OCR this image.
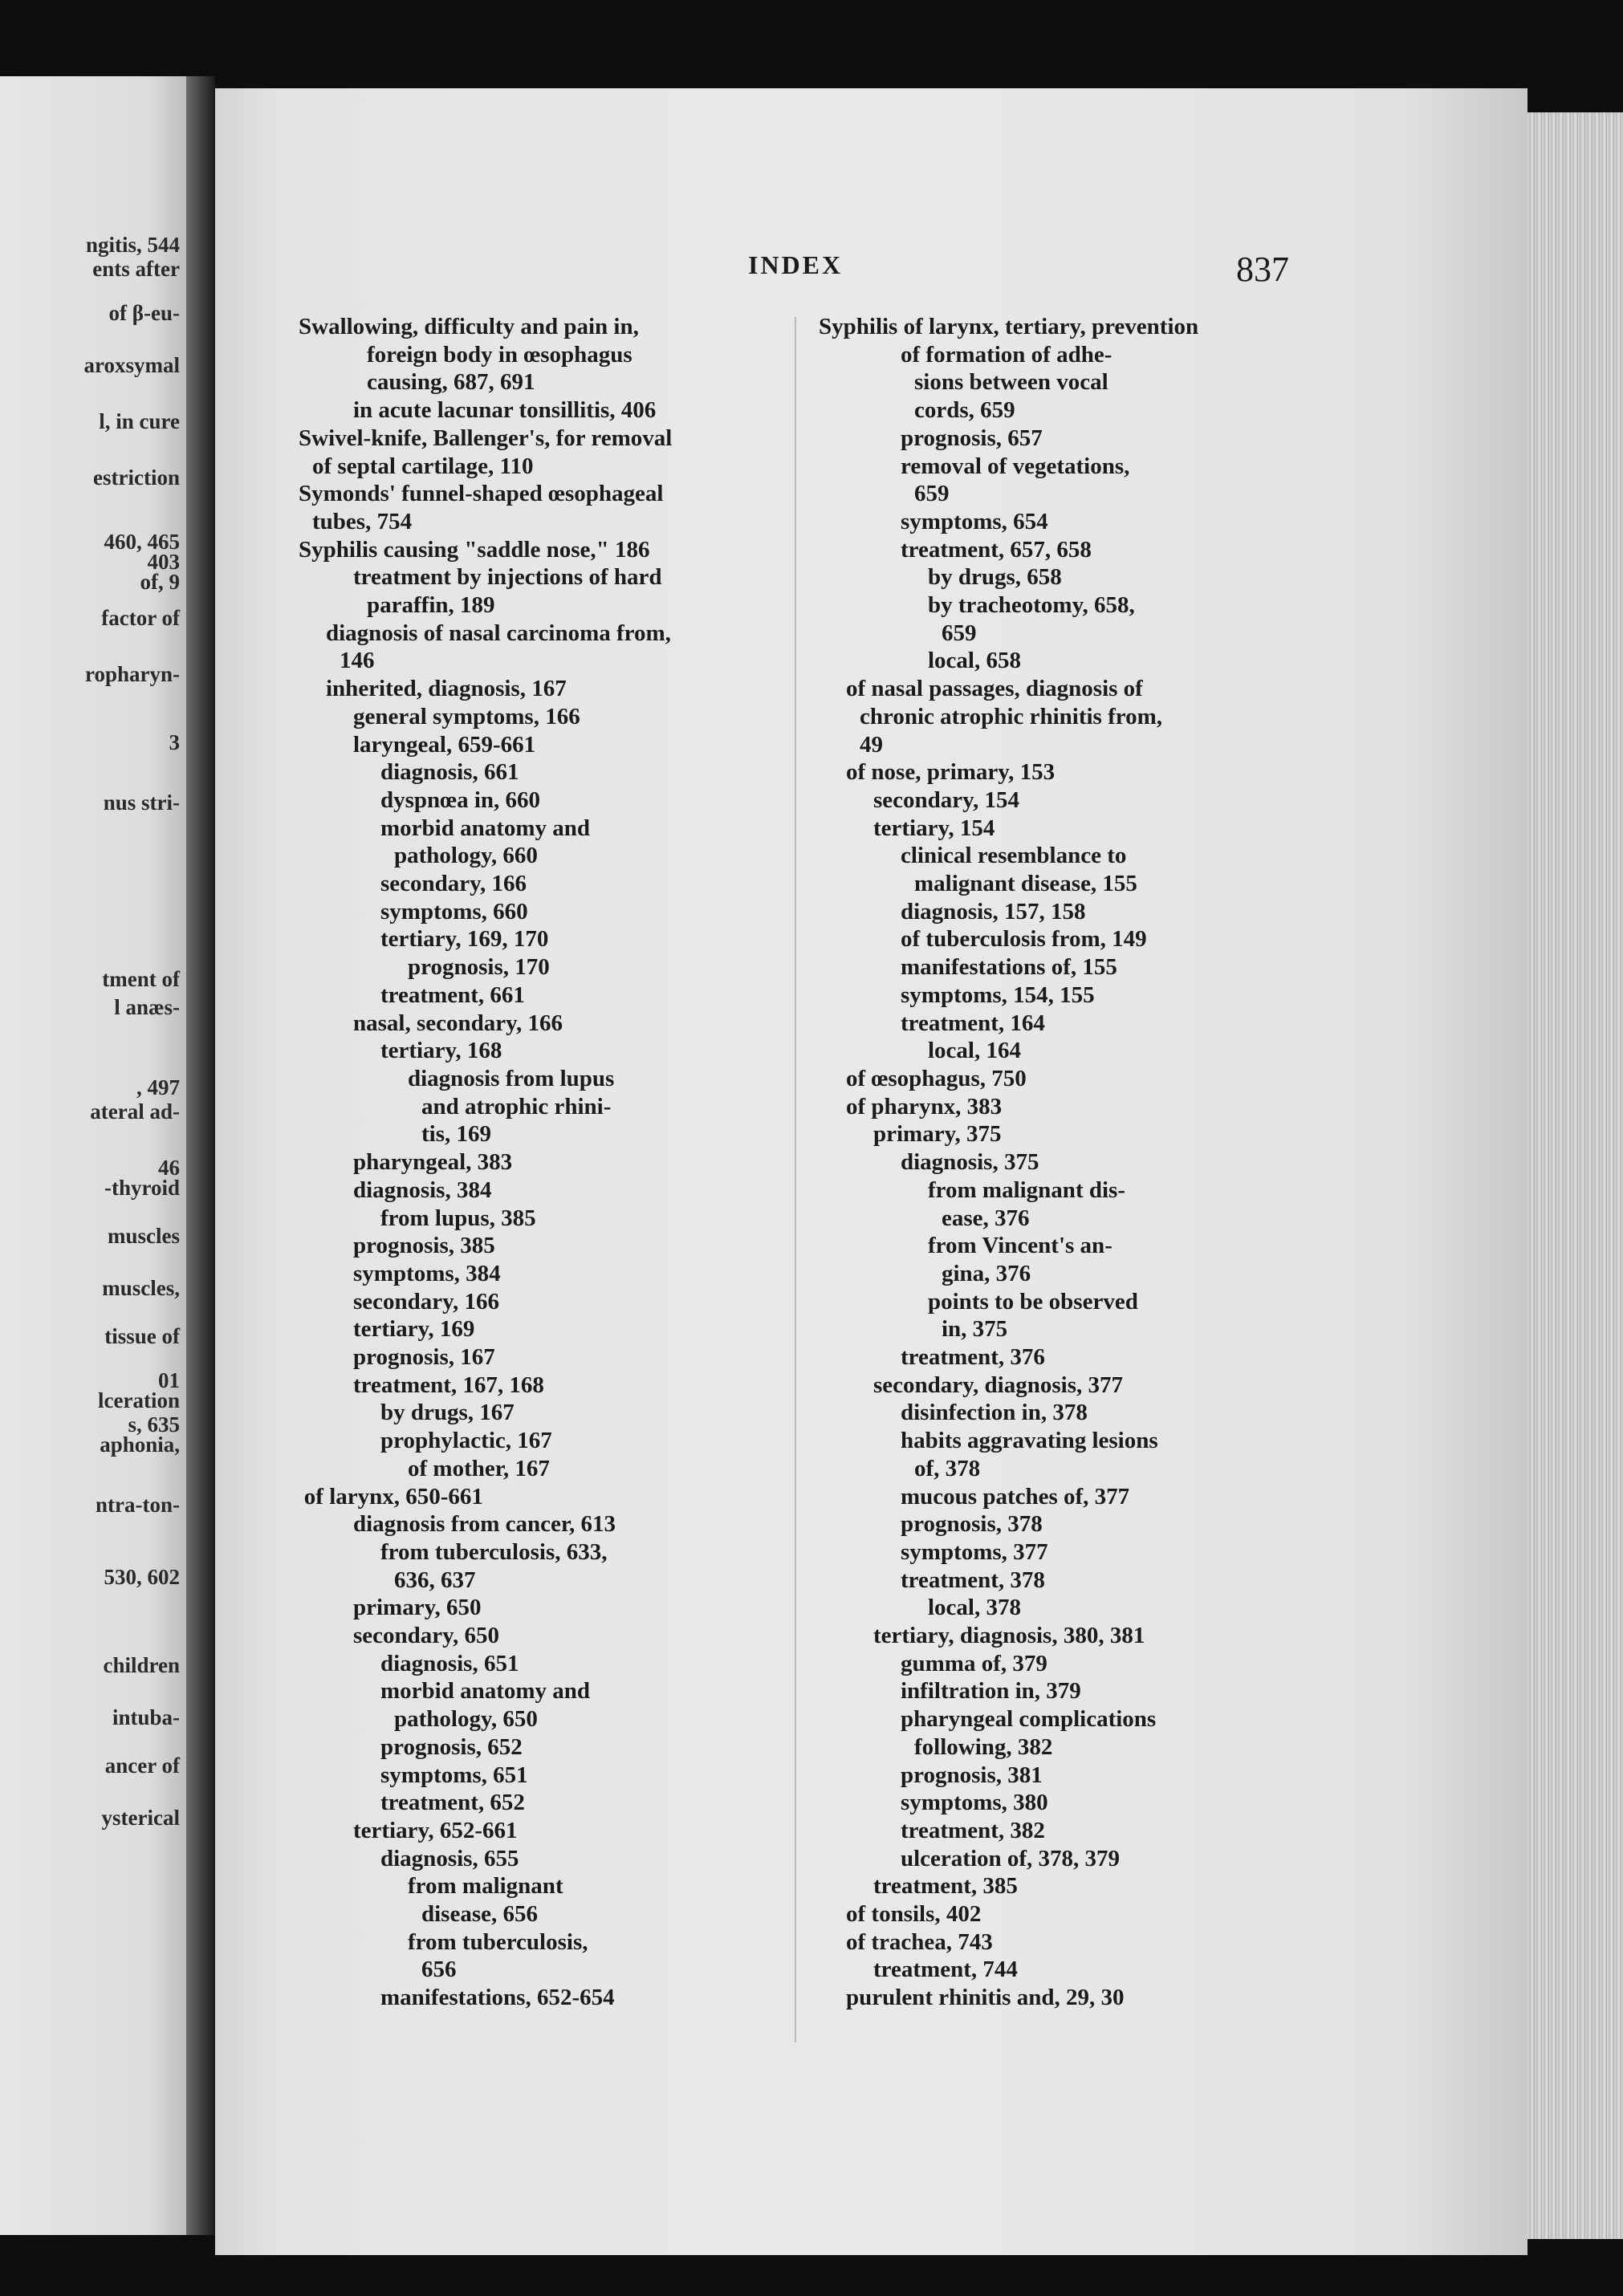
ngitis, 544
ents after
of β-eu-
aroxsymal
l, in cure
estriction
460, 465
403
of, 9
factor of
ropharyn-
3
nus stri-
tment of
l anæs-
, 497
ateral ad-
46
-thyroid
muscles
muscles,
tissue of
01
lceration
s, 635
aphonia,
ntra-ton-
530, 602
children
intuba-
ancer of
ysterical
INDEX	837
Swallowing, difficulty and pain in,
foreign body in œsophagus
causing, 687, 691
in acute lacunar tonsillitis, 406
Swivel-knife, Ballenger's, for removal
of septal cartilage, 110
Symonds' funnel-shaped œsophageal
tubes, 754
Syphilis causing "saddle nose," 186
treatment by injections of hard
paraffin, 189
diagnosis of nasal carcinoma from,
146
inherited, diagnosis, 167
general symptoms, 166
laryngeal, 659-661
diagnosis, 661
dyspnœa in, 660
morbid anatomy and
pathology, 660
secondary, 166
symptoms, 660
tertiary, 169, 170
prognosis, 170
treatment, 661
nasal, secondary, 166
tertiary, 168
diagnosis from lupus
and atrophic rhini-
tis, 169
pharyngeal, 383
diagnosis, 384
from lupus, 385
prognosis, 385
symptoms, 384
secondary, 166
tertiary, 169
prognosis, 167
treatment, 167, 168
by drugs, 167
prophylactic, 167
of mother, 167
of larynx, 650-661
diagnosis from cancer, 613
from tuberculosis, 633,
636, 637
primary, 650
secondary, 650
diagnosis, 651
morbid anatomy and
pathology, 650
prognosis, 652
symptoms, 651
treatment, 652
tertiary, 652-661
diagnosis, 655
from malignant
disease, 656
from tuberculosis,
656
manifestations, 652-654
Syphilis of larynx, tertiary, prevention
of formation of adhe-
sions between vocal
cords, 659
prognosis, 657
removal of vegetations,
659
symptoms, 654
treatment, 657, 658
by drugs, 658
by tracheotomy, 658,
659
local, 658
of nasal passages, diagnosis of
chronic atrophic rhinitis from,
49
of nose, primary, 153
secondary, 154
tertiary, 154
clinical resemblance to
malignant disease, 155
diagnosis, 157, 158
of tuberculosis from, 149
manifestations of, 155
symptoms, 154, 155
treatment, 164
local, 164
of œsophagus, 750
of pharynx, 383
primary, 375
diagnosis, 375
from malignant dis-
ease, 376
from Vincent's an-
gina, 376
points to be observed
in, 375
treatment, 376
secondary, diagnosis, 377
disinfection in, 378
habits aggravating lesions
of, 378
mucous patches of, 377
prognosis, 378
symptoms, 377
treatment, 378
local, 378
tertiary, diagnosis, 380, 381
gumma of, 379
infiltration in, 379
pharyngeal complications
following, 382
prognosis, 381
symptoms, 380
treatment, 382
ulceration of, 378, 379
treatment, 385
of tonsils, 402
of trachea, 743
treatment, 744
purulent rhinitis and, 29, 30
